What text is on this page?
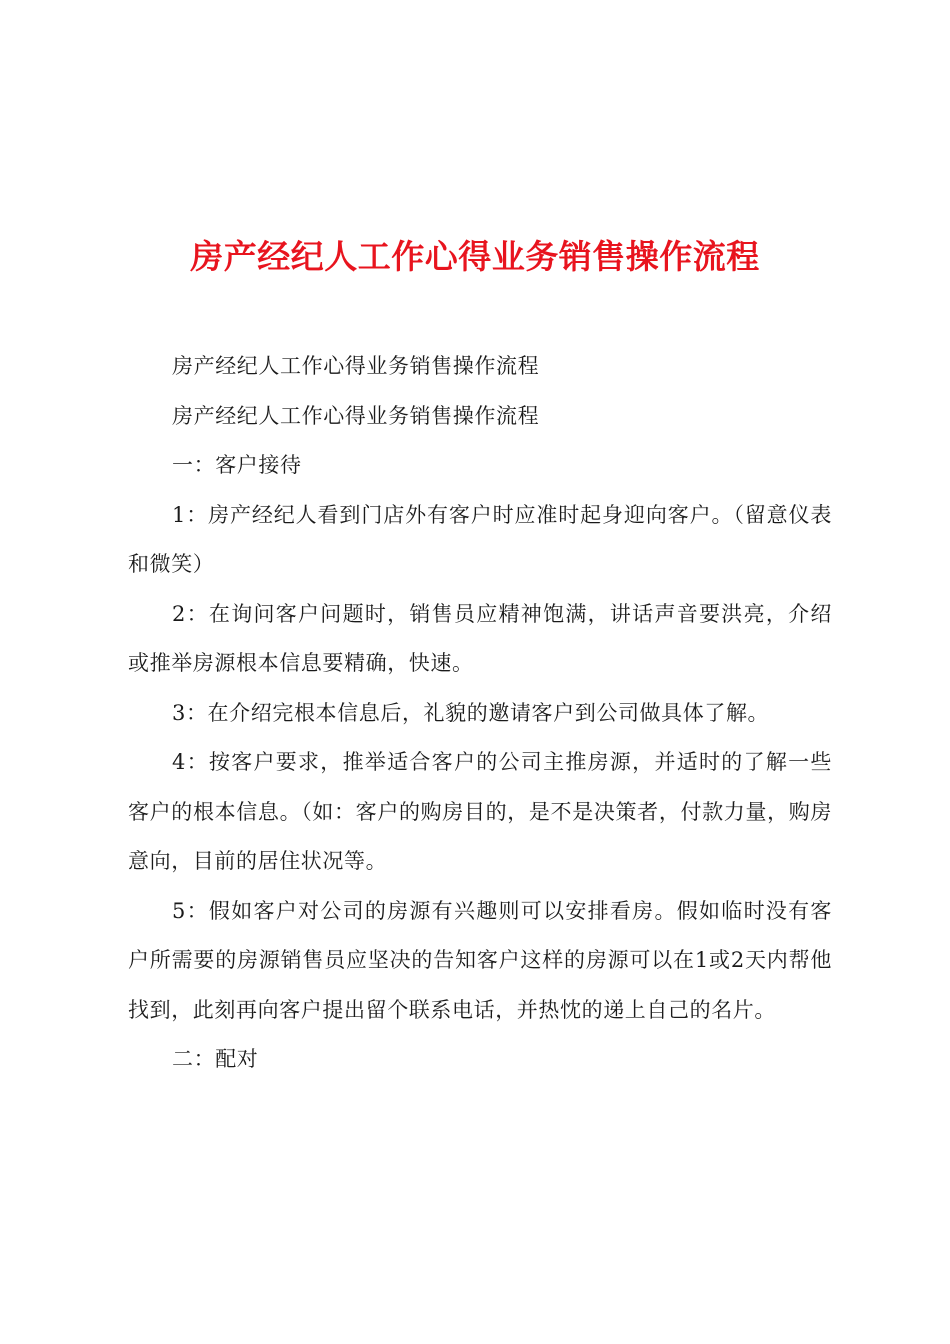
房产经纪人工作心得业务销售操作流程

房产经纪人工作心得业务销售操作流程

房产经纪人工作心得业务销售操作流程

一：客户接待

1：房产经纪人看到门店外有客户时应准时起身迎向客户。（留意仪表和微笑）

2：在询问客户问题时，销售员应精神饱满，讲话声音要洪亮，介绍或推举房源根本信息要精确，快速。

3：在介绍完根本信息后，礼貌的邀请客户到公司做具体了解。

4：按客户要求，推举适合客户的公司主推房源，并适时的了解一些客户的根本信息。（如：客户的购房目的，是不是决策者，付款力量，购房意向，目前的居住状况等。

5：假如客户对公司的房源有兴趣则可以安排看房。假如临时没有客户所需要的房源销售员应坚决的告知客户这样的房源可以在1或2天内帮他找到，此刻再向客户提出留个联系电话，并热忱的递上自己的名片。

二：配对
